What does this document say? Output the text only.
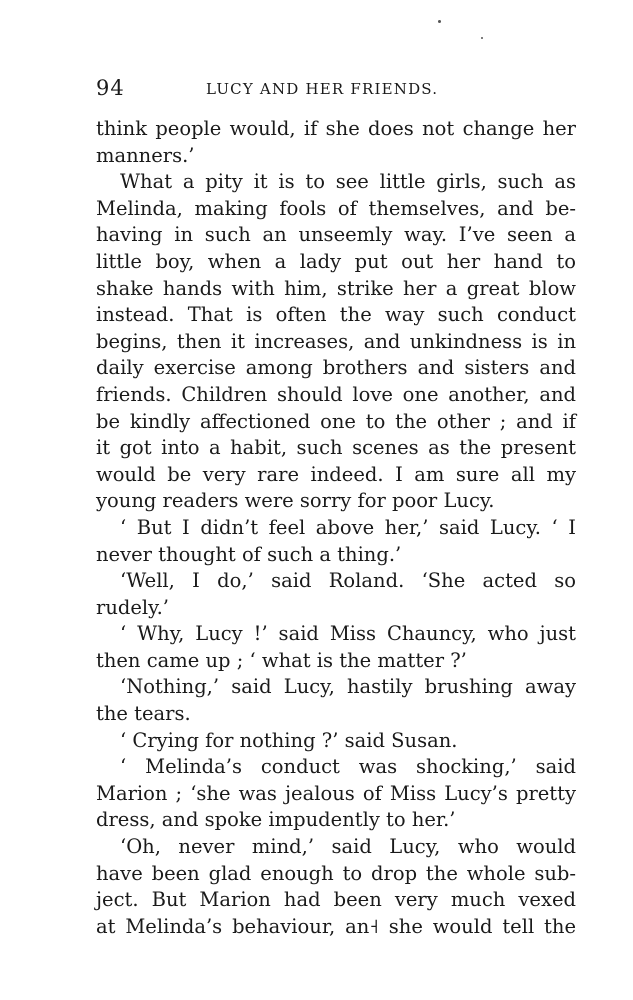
94	LUCY AND HER FRIENDS.
think people would, if she does not change her
manners.’
What a pity it is to see little girls, such as
Melinda, making fools of themselves, and be-
having in such an unseemly way. I’ve seen a
little boy, when a lady put out her hand to
shake hands with him, strike her a great blow
instead. That is often the way such conduct
begins, then it increases, and unkindness is in
daily exercise among brothers and sisters and
friends. Children should love one another, and
be kindly affectioned one to the other ; and if
it got into a habit, such scenes as the present
would be very rare indeed. I am sure all my
young readers were sorry for poor Lucy.
‘ But I didn’t feel above her,’ said Lucy. ‘ I
never thought of such a thing.’
‘Well, I do,’ said Roland. ‘She acted so
rudely.’
‘ Why, Lucy !’ said Miss Chauncy, who just
then came up ; ‘ what is the matter ?’
‘Nothing,’ said Lucy, hastily brushing away
the tears.
‘ Crying for nothing ?’ said Susan.
‘ Melinda’s conduct was shocking,’ said
Marion ; ‘she was jealous of Miss Lucy’s pretty
dress, and spoke impudently to her.’
‘Oh, never mind,’ said Lucy, who would
have been glad enough to drop the whole sub-
ject. But Marion had been very much vexed
at Melinda’s behaviour, an˧ she would tell the
